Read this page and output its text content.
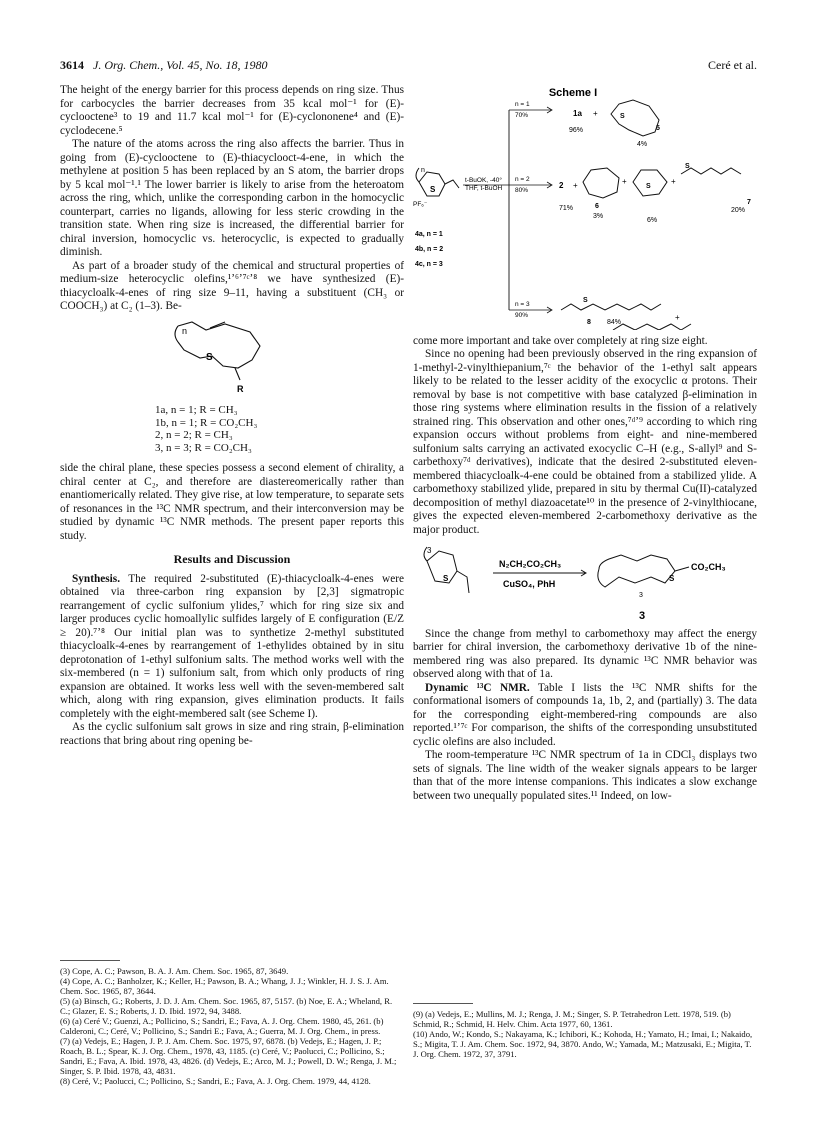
3614 J. Org. Chem., Vol. 45, No. 18, 1980	Ceré et al.

The height of the energy barrier for this process depends on ring size. Thus for carbocycles the barrier decreases from 35 kcal mol⁻¹ for (E)-cyclooctene³ to 19 and 11.7 kcal mol⁻¹ for (E)-cyclononene⁴ and (E)-cyclodecene.⁵

The nature of the atoms across the ring also affects the barrier. Thus in going from (E)-cyclooctene to (E)-thiacyclooct-4-ene, in which the methylene at position 5 has been replaced by an S atom, the barrier drops by 5 kcal mol⁻¹.¹ The lower barrier is likely to arise from the heteroatom across the ring, which, unlike the corresponding carbon in the homocyclic counterpart, carries no ligands, allowing for less steric crowding in the transition state. When ring size is increased, the differential barrier for chiral inversion, homocyclic vs. heterocyclic, is expected to gradually diminish.

As part of a broader study of the chemical and structural properties of medium-size heterocyclic olefins,¹ʼ⁶ʼ⁷ᶜʼ⁸ we have synthesized (E)-thiacycloalk-4-enes of ring size 9–11, having a substituent (CH₃ or COOCH₃) at C₂ (1–3). Be-

n
S
R
1a, n = 1; R = CH₃
1b, n = 1; R = CO₂CH₃
2, n = 2; R = CH₃
3, n = 3; R = CO₂CH₃

side the chiral plane, these species possess a second element of chirality, a chiral center at C₂, and therefore are diastereomerically rather than enantiomerically related. They give rise, at low temperature, to separate sets of resonances in the ¹³C NMR spectrum, and their interconversion may be studied by dynamic ¹³C NMR methods. The present paper reports this study.

Results and Discussion

Synthesis. The required 2-substituted (E)-thiacycloalk-4-enes were obtained via three-carbon ring expansion by [2,3] sigmatropic rearrangement of cyclic sulfonium ylides,⁷ which for ring size six and larger produces cyclic homoallylic sulfides largely of E configuration (E/Z ≥ 20).⁷ʼ⁸ Our initial plan was to synthetize 2-methyl substituted thiacycloalk-4-enes by rearrangement of 1-ethylides obtained by in situ deprotonation of 1-ethyl sulfonium salts. The method works well with the six-membered (n = 1) sulfonium salt, from which only products of ring expansion are obtained. It works less well with the seven-membered salt which, along with ring expansion, gives elimination products. It fails completely with the eight-membered salt (see Scheme I).

As the cyclic sulfonium salt grows in size and ring strain, β-elimination reactions that bring about ring opening be-

(3) Cope, A. C.; Pawson, B. A. J. Am. Chem. Soc. 1965, 87, 3649.
(4) Cope, A. C.; Banholzer, K.; Keller, H.; Pawson, B. A.; Whang, J. J.; Winkler, H. J. S. J. Am. Chem. Soc. 1965, 87, 3644.
(5) (a) Binsch, G.; Roberts, J. D. J. Am. Chem. Soc. 1965, 87, 5157. (b) Noe, E. A.; Wheland, R. C.; Glazer, E. S.; Roberts, J. D. Ibid. 1972, 94, 3488.
(6) (a) Ceré V.; Guenzi, A.; Pollicino, S.; Sandri, E.; Fava, A. J. Org. Chem. 1980, 45, 261. (b) Calderoni, C.; Ceré, V.; Pollicino, S.; Sandri E.; Fava, A.; Guerra, M. J. Org. Chem., in press.
(7) (a) Vedejs, E.; Hagen, J. P. J. Am. Chem. Soc. 1975, 97, 6878. (b) Vedejs, E.; Hagen, J. P.; Roach, B. L.; Spear, K. J. Org. Chem., 1978, 43, 1185. (c) Ceré, V.; Paolucci, C.; Pollicino, S.; Sandri, E.; Fava, A. Ibid. 1978, 43, 4826. (d) Vedejs, E.; Arco, M. J.; Powell, D. W.; Renga, J. M.; Singer, S. P. Ibid. 1978, 43, 4831.
(8) Ceré, V.; Paolucci, C.; Pollicino, S.; Sandri, E.; Fava, A. J. Org. Chem. 1979, 44, 4128.
Scheme I
n
S
PF₆⁻
t-BuOK, -40°
THF, t-BuOH
n = 1
70%
n = 2
80%
n = 3
90%
4a, n = 1
4b, n = 2
4c, n = 3
1a +
96%
S
5
4%
2 +
71%
+	+
S
S
6
3%
6%
20%
7
S
8 84%
+

come more important and take over completely at ring size eight.

Since no opening had been previously observed in the ring expansion of 1-methyl-2-vinylthiepanium,⁷ᶜ the behavior of the 1-ethyl salt appears likely to be related to the lesser acidity of the exocyclic α protons. Their removal by base is not competitive with base catalyzed β-elimination in those ring systems where elimination results in the fission of a relatively strained ring. This observation and other ones,⁷ᵈʼ⁹ according to which ring expansion occurs without problems from eight- and nine-membered sulfonium salts carrying an activated exocyclic C–H (e.g., S-allyl⁹ and S-carbethoxy⁷ᵈ derivatives), indicate that the desired 2-substituted eleven-membered thiacycloalk-4-ene could be obtained from a stabilized ylide. A carbomethoxy stabilized ylide, prepared in situ by thermal Cu(II)-catalyzed decomposition of methyl diazoacetate¹⁰ in the presence of 2-vinylthiocane, gives the expected eleven-membered 2-carbomethoxy derivative as the major product.

3
S
N₂CH₂CO₂CH₃
CuSO₄, PhH
S
3
CO₂CH₃
3

Since the change from methyl to carbomethoxy may affect the energy barrier for chiral inversion, the carbomethoxy derivative 1b of the nine-membered ring was also prepared. Its dynamic ¹³C NMR behavior was observed along with that of 1a.

Dynamic ¹³C NMR. Table I lists the ¹³C NMR shifts for the conformational isomers of compounds 1a, 1b, 2, and (partially) 3. The data for the corresponding eight-membered-ring compounds are also reported.¹ʼ⁷ᶜ For comparison, the shifts of the corresponding unsubstituted cyclic olefins are also included.

The room-temperature ¹³C NMR spectrum of 1a in CDCl₃ displays two sets of signals. The line width of the weaker signals appears to be larger than that of the more intense companions. This indicates a slow exchange between two unequally populated sites.¹¹ Indeed, on low-

(9) (a) Vedejs, E.; Mullins, M. J.; Renga, J. M.; Singer, S. P. Tetrahedron Lett. 1978, 519. (b) Schmid, R.; Schmid, H. Helv. Chim. Acta 1977, 60, 1361.
(10) Ando, W.; Kondo, S.; Nakayama, K.; Ichibori, K.; Kohoda, H.; Yamato, H.; Imai, I.; Nakaido, S.; Migita, T. J. Am. Chem. Soc. 1972, 94, 3870. Ando, W.; Yamada, M.; Matzusaki, E.; Migita, T. J. Org. Chem. 1972, 37, 3791.
